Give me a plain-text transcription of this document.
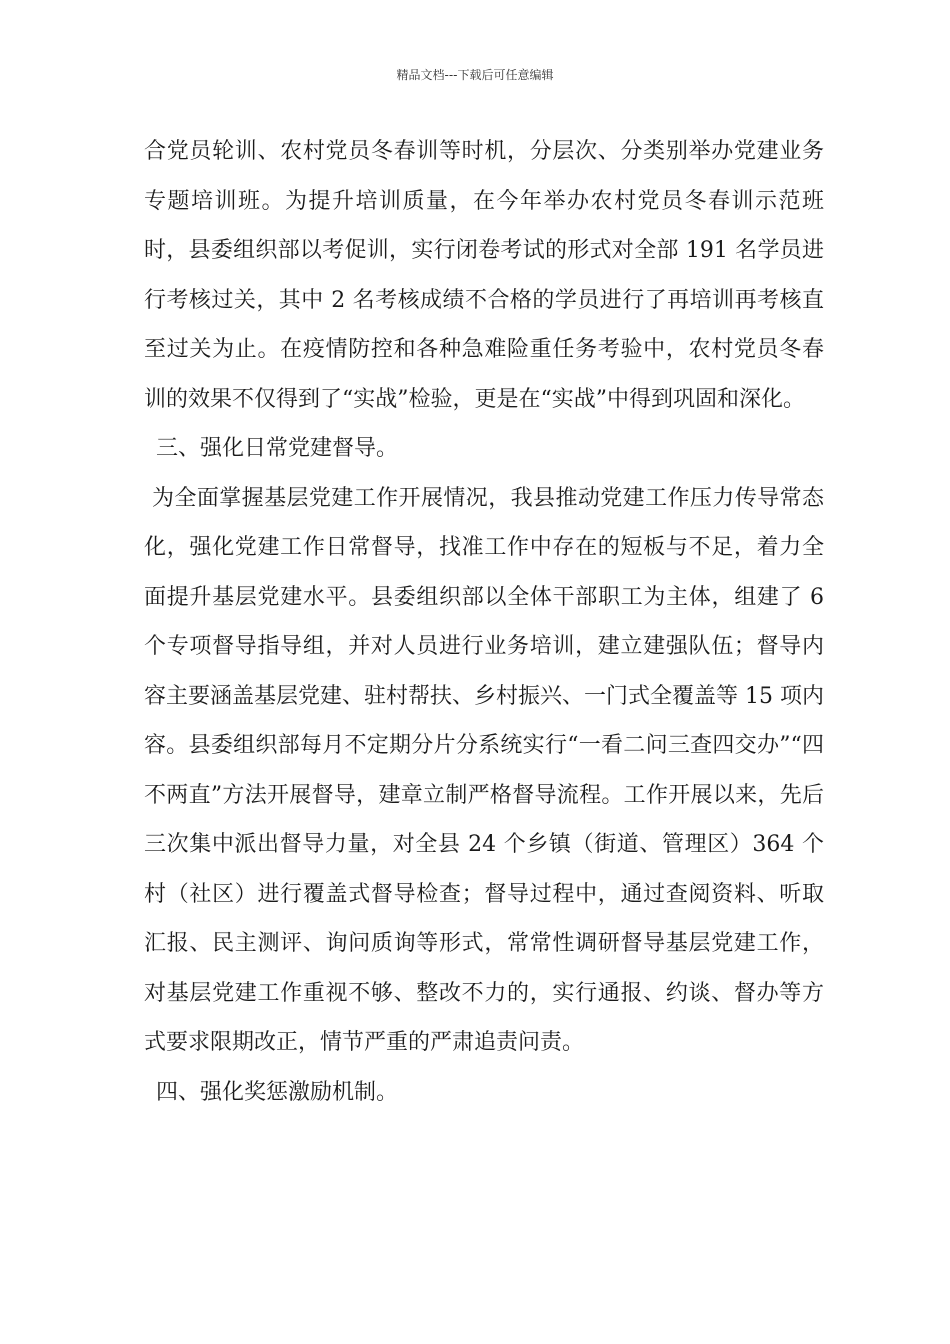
精品文档---下载后可任意编辑

合党员轮训、农村党员冬春训等时机，分层次、分类别举办党建业务专题培训班。为提升培训质量，在今年举办农村党员冬春训示范班时，县委组织部以考促训，实行闭卷考试的形式对全部 191 名学员进行考核过关，其中 2 名考核成绩不合格的学员进行了再培训再考核直至过关为止。在疫情防控和各种急难险重任务考验中，农村党员冬春训的效果不仅得到了“实战”检验，更是在“实战”中得到巩固和深化。

三、强化日常党建督导。

为全面掌握基层党建工作开展情况，我县推动党建工作压力传导常态化，强化党建工作日常督导，找准工作中存在的短板与不足，着力全面提升基层党建水平。县委组织部以全体干部职工为主体，组建了 6 个专项督导指导组，并对人员进行业务培训，建立建强队伍；督导内容主要涵盖基层党建、驻村帮扶、乡村振兴、一门式全覆盖等 15 项内容。县委组织部每月不定期分片分系统实行“一看二问三查四交办”“四不两直”方法开展督导，建章立制严格督导流程。工作开展以来，先后三次集中派出督导力量，对全县 24 个乡镇（街道、管理区）364 个村（社区）进行覆盖式督导检查；督导过程中，通过查阅资料、听取汇报、民主测评、询问质询等形式，常常性调研督导基层党建工作，对基层党建工作重视不够、整改不力的，实行通报、约谈、督办等方式要求限期改正，情节严重的严肃追责问责。

四、强化奖惩激励机制。
